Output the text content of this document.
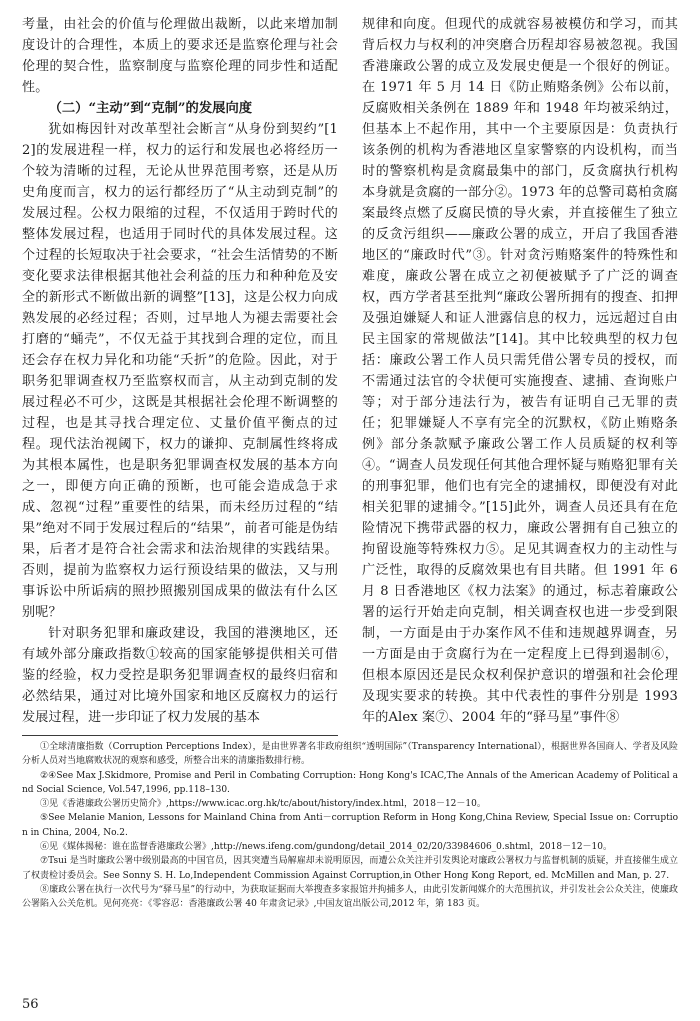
考量，由社会的价值与伦理做出裁断，以此来增加制度设计的合理性，本质上的要求还是监察伦理与社会伦理的契合性，监察制度与监察伦理的同步性和适配性。

（二）“主动”到“克制”的发展向度

犹如梅因针对改革型社会断言“从身份到契约”[12]的发展进程一样，权力的运行和发展也必将经历一个较为清晰的过程，无论从世界范围考察，还是从历史角度而言，权力的运行都经历了“从主动到克制”的发展过程。公权力限缩的过程，不仅适用于跨时代的整体发展过程，也适用于同时代的具体发展过程。这个过程的长短取决于社会要求，“社会生活情势的不断变化要求法律根据其他社会利益的压力和种种危及安全的新形式不断做出新的调整”[13]，这是公权力向成熟发展的必经过程；否则，过早地人为褪去需要社会打磨的“蛹壳”，不仅无益于其找到合理的定位，而且还会存在权力异化和功能“夭折”的危险。因此，对于职务犯罪调查权乃至监察权而言，从主动到克制的发展过程必不可少，这既是其根据社会伦理不断调整的过程，也是其寻找合理定位、丈量价值平衡点的过程。现代法治视阈下，权力的谦抑、克制属性终将成为其根本属性，也是职务犯罪调查权发展的基本方向之一，即便方向正确的预断，也可能会造成急于求成、忽视“过程”重要性的结果，而未经历过程的“结果”绝对不同于发展过程后的“结果”，前者可能是伪结果，后者才是符合社会需求和法治规律的实践结果。否则，提前为监察权力运行预设结果的做法，又与刑事诉讼中所诟病的照抄照搬别国成果的做法有什么区别呢？

针对职务犯罪和廉政建设，我国的港澳地区，还有域外部分廉政指数①较高的国家能够提供相关可借鉴的经验，权力受控是职务犯罪调查权的最终归宿和必然结果，通过对比境外国家和地区反腐权力的运行发展过程，进一步印证了权力发展的基本

规律和向度。但现代的成就容易被模仿和学习，而其背后权力与权利的冲突磨合历程却容易被忽视。我国香港廉政公署的成立及发展史便是一个很好的例证。在 1971 年 5 月 14 日《防止贿赂条例》公布以前，反腐败相关条例在 1889 年和 1948 年均被采纳过，但基本上不起作用，其中一个主要原因是：负责执行该条例的机构为香港地区皇家警察的内设机构，而当时的警察机构是贪腐最集中的部门，反贪腐执行机构本身就是贪腐的一部分②。1973 年的总警司葛柏贪腐案最终点燃了反腐民愤的导火索，并直接催生了独立的反贪污组织——廉政公署的成立，开启了我国香港地区的“廉政时代”③。针对贪污贿赂案件的特殊性和难度，廉政公署在成立之初便被赋予了广泛的调查权，西方学者甚至批判“廉政公署所拥有的搜查、扣押及强迫嫌疑人和证人泄露信息的权力，远远超过自由民主国家的常规做法”[14]。其中比较典型的权力包括：廉政公署工作人员只需凭借公署专员的授权，而不需通过法官的令状便可实施搜查、逮捕、查询账户等；对于部分违法行为，被告有证明自己无罪的责任；犯罪嫌疑人不享有完全的沉默权，《防止贿赂条例》部分条款赋予廉政公署工作人员质疑的权利等④。“调查人员发现任何其他合理怀疑与贿赂犯罪有关的刑事犯罪，他们也有完全的逮捕权，即便没有对此相关犯罪的逮捕令。”[15]此外，调查人员还具有在危险情况下携带武器的权力，廉政公署拥有自己独立的拘留设施等特殊权力⑤。足见其调查权力的主动性与广泛性，取得的反腐效果也有目共睹。但 1991 年 6 月 8 日香港地区《权力法案》的通过，标志着廉政公署的运行开始走向克制，相关调查权也进一步受到限制，一方面是由于办案作风不佳和违规越界调查，另一方面是由于贪腐行为在一定程度上已得到遏制⑥，但根本原因还是民众权利保护意识的增强和社会伦理及现实要求的转换。其中代表性的事件分别是 1993 年的Alex 案⑦、2004 年的“驿马星”事件⑧

①全球清廉指数（Corruption Perceptions Index），是由世界著名非政府组织“透明国际”（Transparency International），根据世界各国商人、学者及风险分析人员对当地腐败状况的观察和感受，所整合出来的清廉指数排行榜。

②④See Max J.Skidmore, Promise and Peril in Combating Corruption: Hong Kong's ICAC,The Annals of the American Academy of Political and Social Science, Vol.547,1996, pp.118–130.

③见《香港廉政公署历史简介》,https://www.icac.org.hk/tc/about/history/index.html，2018－12－10。

⑤See Melanie Manion, Lessons for Mainland China from Anti－corruption Reform in Hong Kong,China Review, Special Issue on: Corruption in China, 2004, No.2.

⑥见《媒体揭秘：谁在监督香港廉政公署》,http://news.ifeng.com/gundong/detail_2014_02/20/33984606_0.shtml，2018－12－10。

⑦Tsui 是当时廉政公署中级别最高的中国官员，因其突遭当局解雇却未说明原因，而遭公众关注并引发舆论对廉政公署权力与监督机制的质疑，并直接催生成立了权责检讨委员会。See Sonny S. H. Lo,Independent Commission Against Corruption,in Other Hong Kong Report, ed. McMillen and Man, p. 27.

⑧廉政公署在执行一次代号为“驿马星”的行动中，为获取证据而大举搜查多家报馆并拘捕多人，由此引发新闻媒介的大范围抗议，并引发社会公众关注，使廉政公署陷入公关危机。见何亮亮：《零容忍：香港廉政公署 40 年肃贪记录》,中国友谊出版公司,2012 年，第 183 页。

56
